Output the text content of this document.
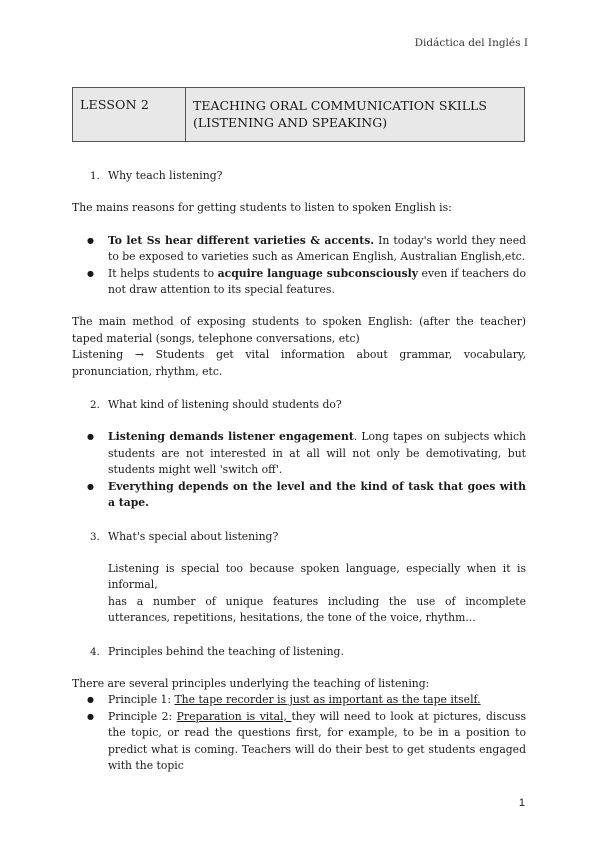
Didáctica del Inglés I
LESSON 2	TEACHING ORAL COMMUNICATION SKILLS
(LISTENING AND SPEAKING)
1. Why teach listening?

The mains reasons for getting students to listen to spoken English is:

● To let Ss hear different varieties & accents. In today's world they need to be exposed to varieties such as American English, Australian English,etc.
● It helps students to acquire language subconsciously even if teachers do not draw attention to its special features.

The main method of exposing students to spoken English: (after the teacher) taped material (songs, telephone conversations, etc)

Listening → Students get vital information about grammar, vocabulary, pronunciation, rhythm, etc.

2. What kind of listening should students do?
● Listening demands listener engagement. Long tapes on subjects which students are not interested in at all will not only be demotivating, but students might well 'switch off'.
● Everything depends on the level and the kind of task that goes with a tape.
3. What's special about listening?
Listening is special too because spoken language, especially when it is informal,
has a number of unique features including the use of incomplete utterances, repetitions, hesitations, the tone of the voice, rhythm...
4. Principles behind the teaching of listening.

There are several principles underlying the teaching of listening:

● Principle 1: The tape recorder is just as important as the tape itself.
● Principle 2: Preparation is vital, they will need to look at pictures, discuss the topic, or read the questions first, for example, to be in a position to predict what is coming. Teachers will do their best to get students engaged with the topic
1
